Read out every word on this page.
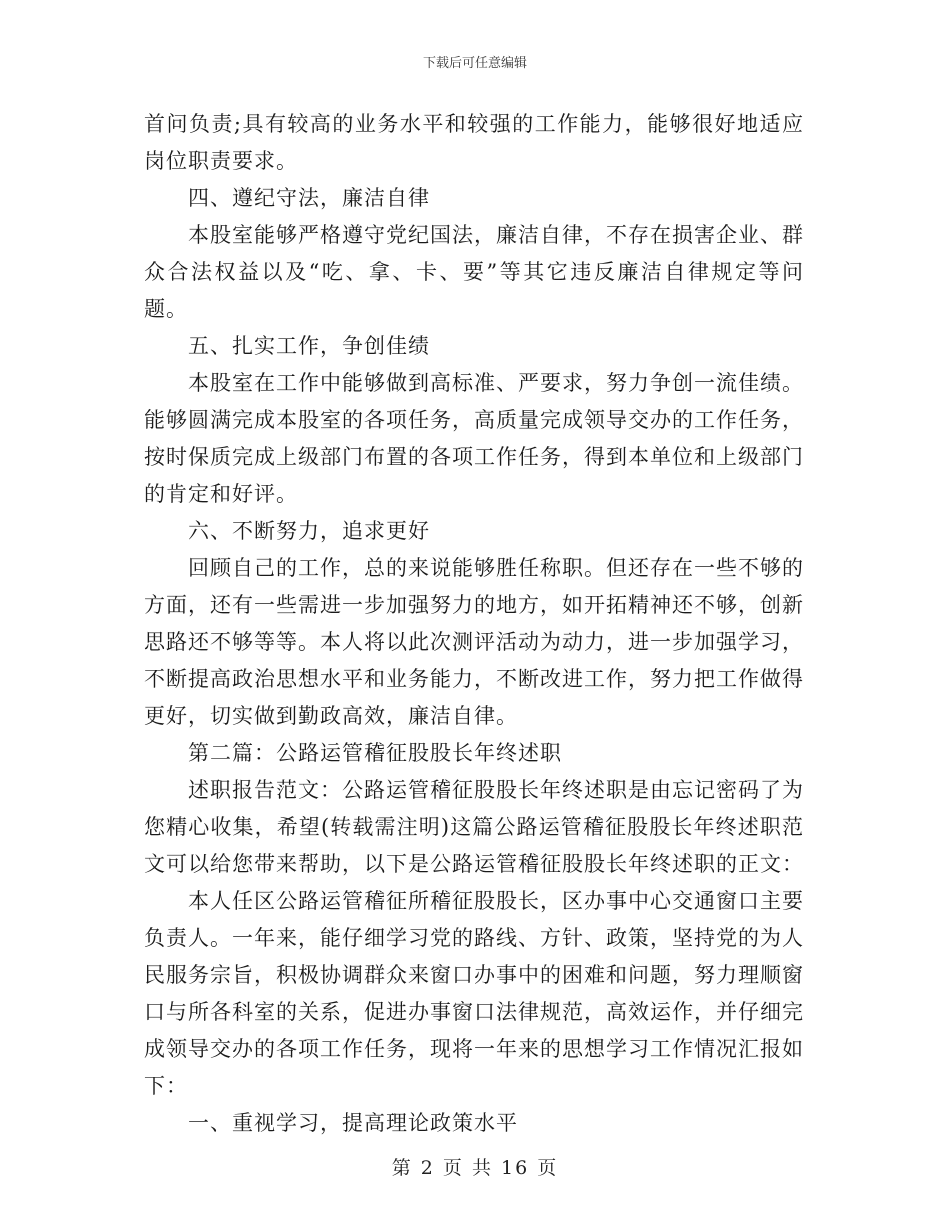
下载后可任意编辑

首问负责;具有较高的业务水平和较强的工作能力，能够很好地适应岗位职责要求。

四、遵纪守法，廉洁自律

本股室能够严格遵守党纪国法，廉洁自律，不存在损害企业、群众合法权益以及“吃、拿、卡、要”等其它违反廉洁自律规定等问题。

五、扎实工作，争创佳绩

本股室在工作中能够做到高标准、严要求，努力争创一流佳绩。能够圆满完成本股室的各项任务，高质量完成领导交办的工作任务，按时保质完成上级部门布置的各项工作任务，得到本单位和上级部门的肯定和好评。

六、不断努力，追求更好

回顾自己的工作，总的来说能够胜任称职。但还存在一些不够的方面，还有一些需进一步加强努力的地方，如开拓精神还不够，创新思路还不够等等。本人将以此次测评活动为动力，进一步加强学习，不断提高政治思想水平和业务能力，不断改进工作，努力把工作做得更好，切实做到勤政高效，廉洁自律。

第二篇：公路运管稽征股股长年终述职

述职报告范文：公路运管稽征股股长年终述职是由忘记密码了为您精心收集，希望(转载需注明)这篇公路运管稽征股股长年终述职范文可以给您带来帮助，以下是公路运管稽征股股长年终述职的正文：

本人任区公路运管稽征所稽征股股长，区办事中心交通窗口主要负责人。一年来，能仔细学习党的路线、方针、政策，坚持党的为人民服务宗旨，积极协调群众来窗口办事中的困难和问题，努力理顺窗口与所各科室的关系，促进办事窗口法律规范，高效运作，并仔细完成领导交办的各项工作任务，现将一年来的思想学习工作情况汇报如下：

一、重视学习，提高理论政策水平

第 2 页 共 16 页
